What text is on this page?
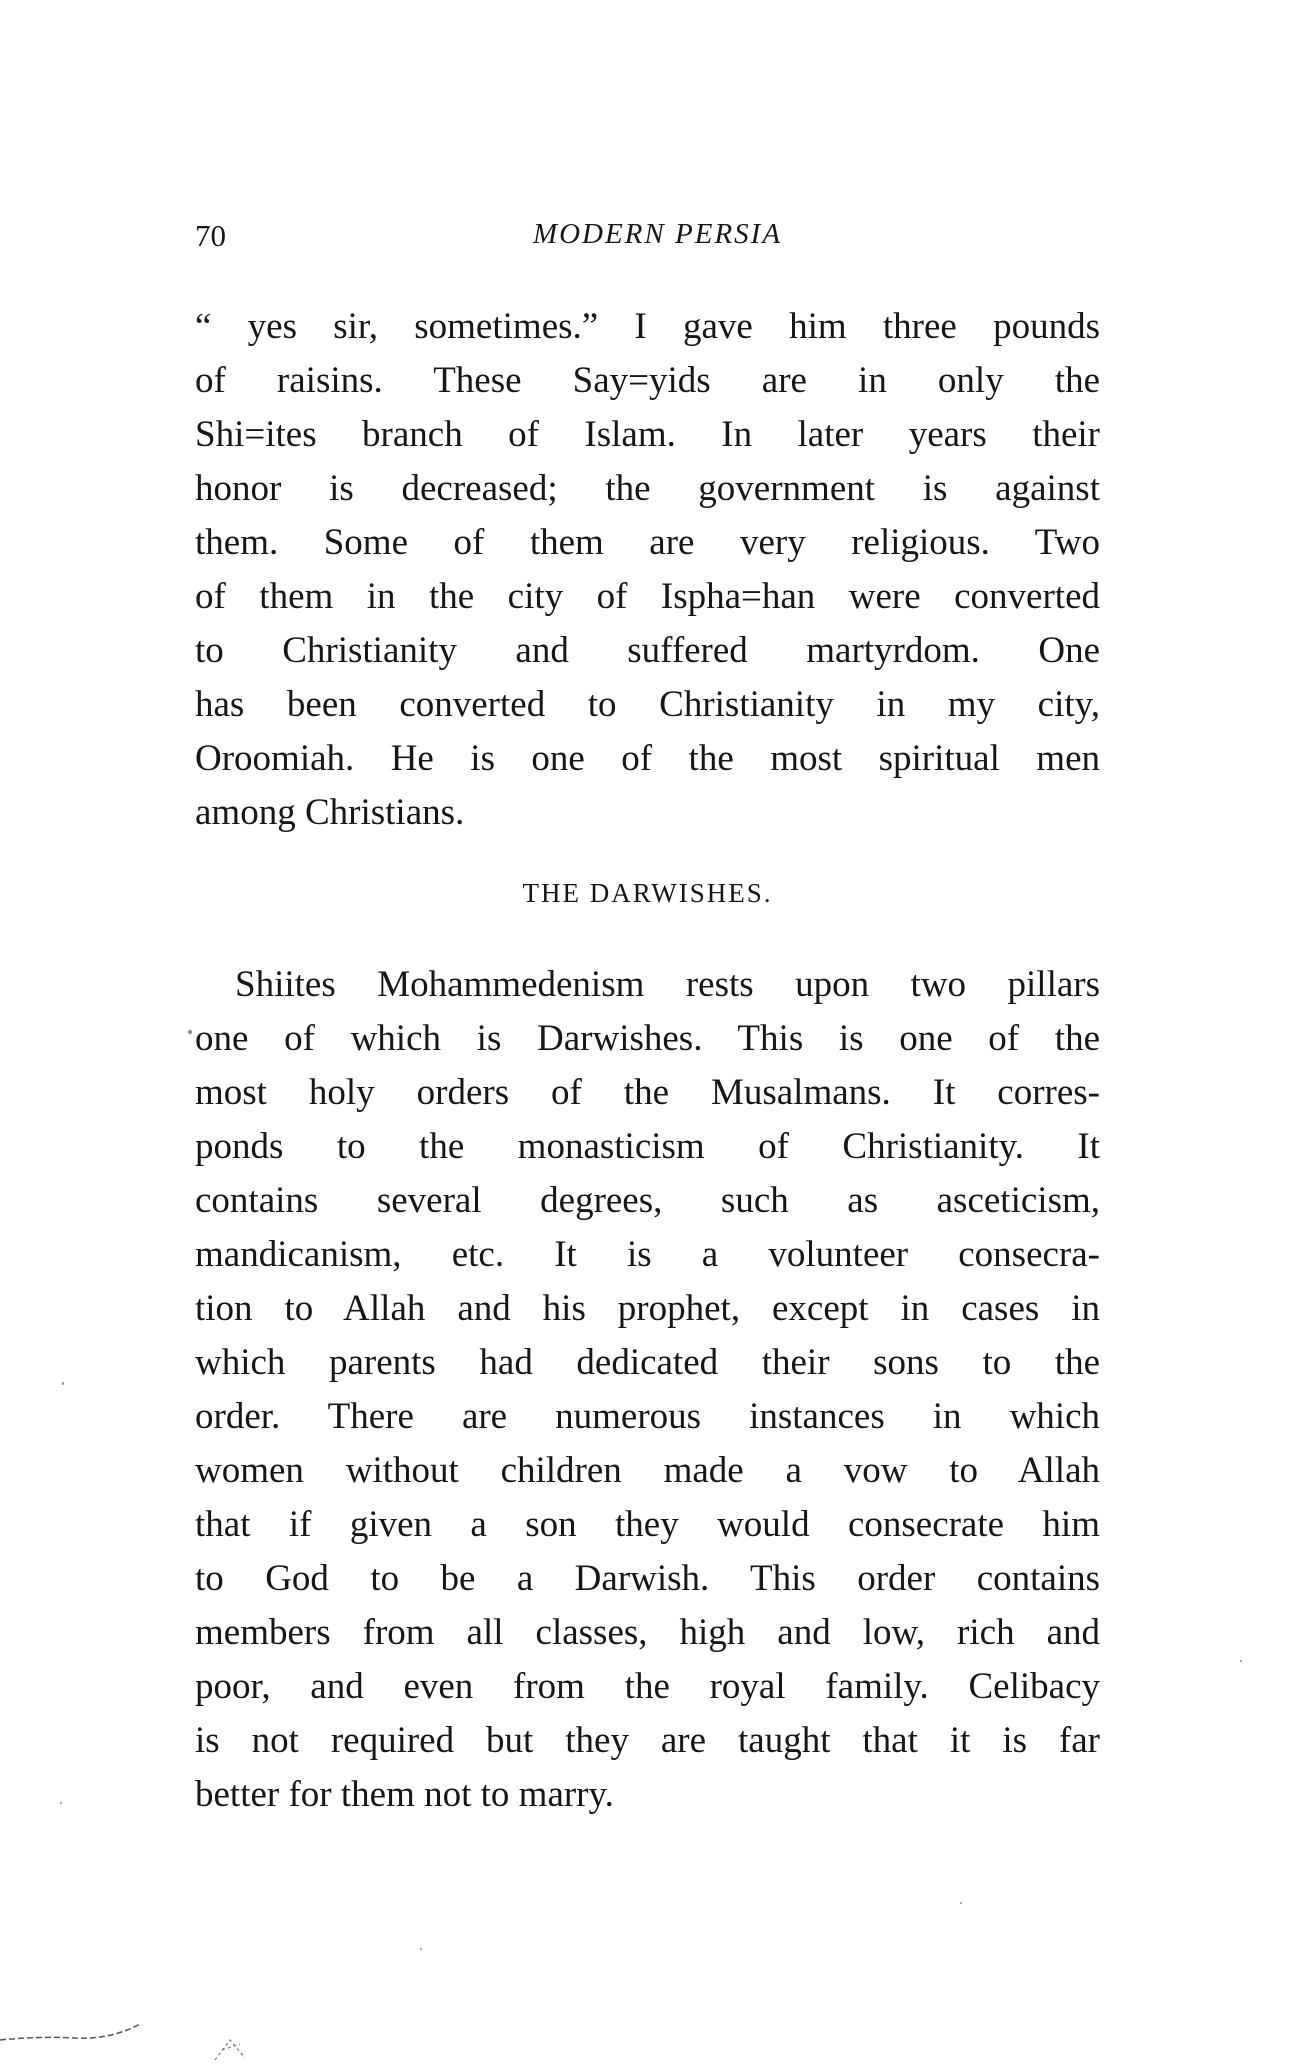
70	MODERN PERSIA
“ yes sir, sometimes.” I gave him three pounds
of raisins. These Say=yids are in only the
Shi=ites branch of Islam. In later years their
honor is decreased; the government is against
them. Some of them are very religious. Two
of them in the city of Ispha=han were converted
to Christianity and suffered martyrdom. One
has been converted to Christianity in my city,
Oroomiah. He is one of the most spiritual men
among Christians.
THE DARWISHES.
Shiites Mohammedenism rests upon two pillars
one of which is Darwishes. This is one of the
most holy orders of the Musalmans. It corres-
ponds to the monasticism of Christianity. It
contains several degrees, such as asceticism,
mandicanism, etc. It is a volunteer consecra-
tion to Allah and his prophet, except in cases in
which parents had dedicated their sons to the
order. There are numerous instances in which
women without children made a vow to Allah
that if given a son they would consecrate him
to God to be a Darwish. This order contains
members from all classes, high and low, rich and
poor, and even from the royal family. Celibacy
is not required but they are taught that it is far
better for them not to marry.
